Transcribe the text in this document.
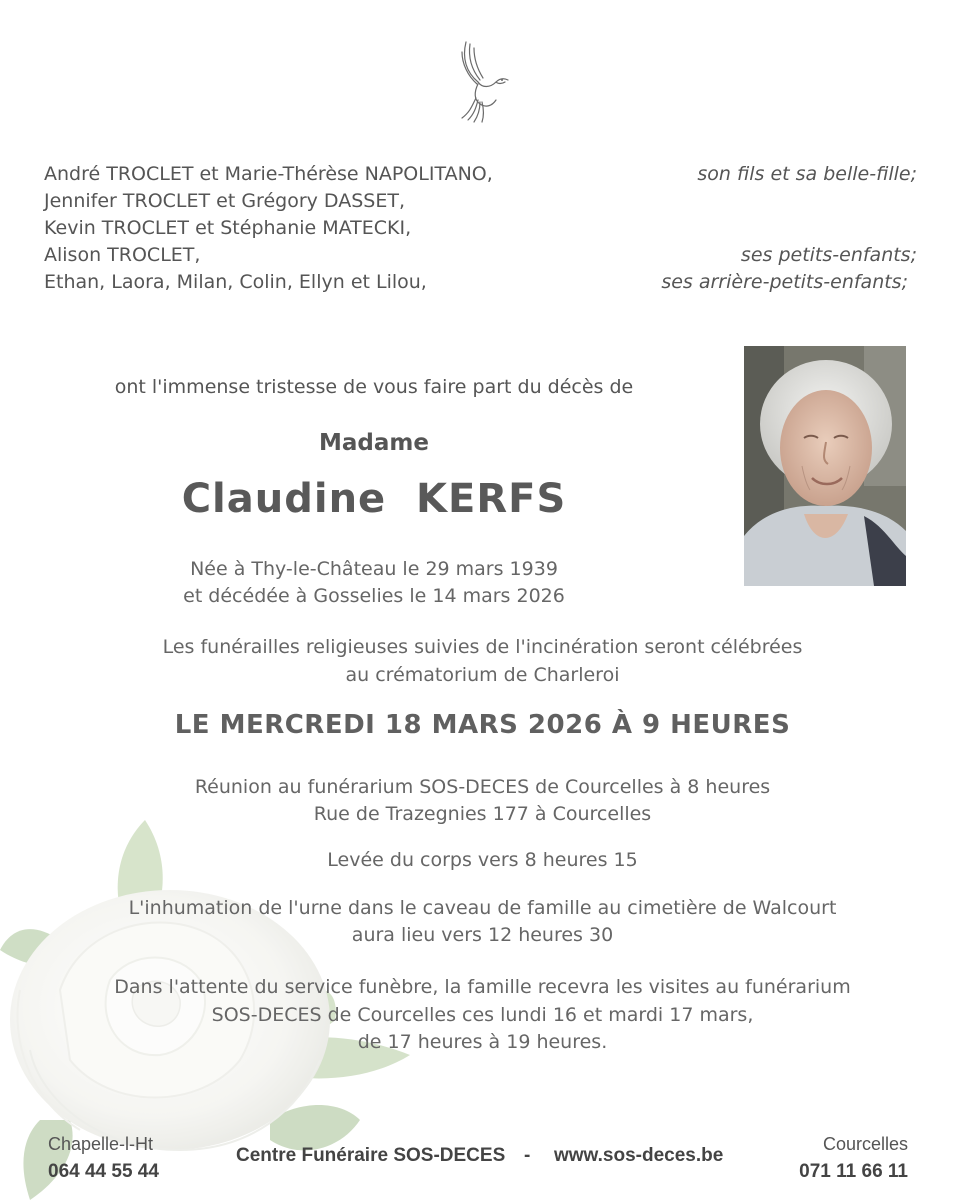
André TROCLET et Marie-Thérèse NAPOLITANO,	son fils et sa belle-fille;
Jennifer TROCLET et Grégory DASSET,
Kevin TROCLET et Stéphanie MATECKI,
Alison TROCLET,	ses petits-enfants;
Ethan, Laora, Milan, Colin, Ellyn et Lilou,	ses arrière-petits-enfants;
ont l'immense tristesse de vous faire part du décès de
Madame
Claudine  KERFS
Née à Thy-le-Château le 29 mars 1939
et décédée à Gosselies le 14 mars 2026
Les funérailles religieuses suivies de l'incinération seront célébrées
au crématorium de Charleroi
LE MERCREDI 18 MARS 2026 À 9 HEURES
Réunion au funérarium SOS-DECES de Courcelles à 8 heures
Rue de Trazegnies 177 à Courcelles
Levée du corps vers 8 heures 15
L'inhumation de l'urne dans le caveau de famille au cimetière de Walcourt
aura lieu vers 12 heures 30
Dans l'attente du service funèbre, la famille recevra les visites au funérarium
SOS-DECES de Courcelles ces lundi 16 et mardi 17 mars,
de 17 heures à 19 heures.
Chapelle-l-Ht
064 44 55 44
Centre Funéraire SOS-DECES - www.sos-deces.be
Courcelles
071 11 66 11
